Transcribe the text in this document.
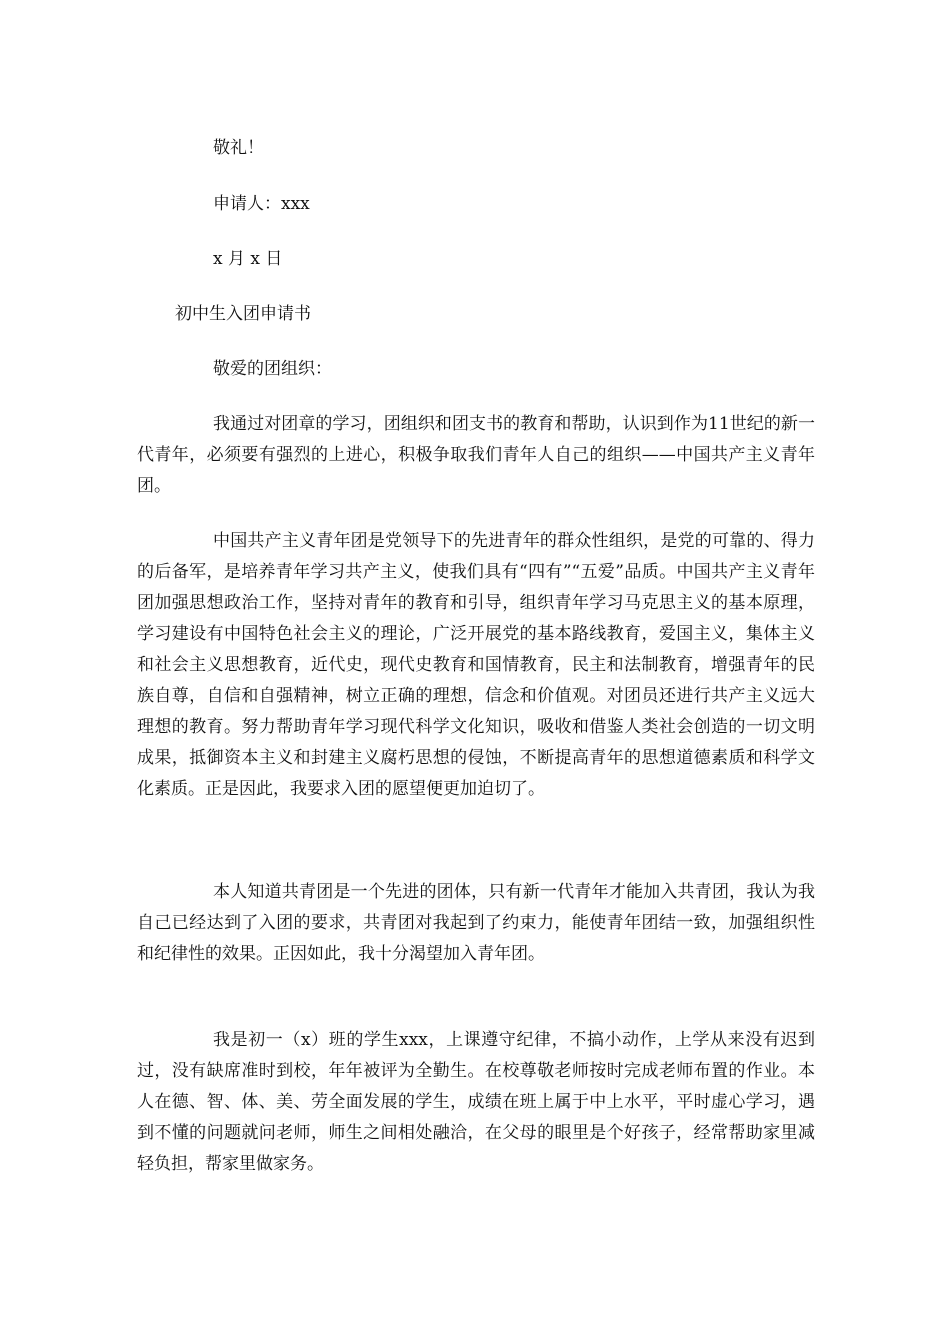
敬礼！
申请人：xxx
x 月 x 日
初中生入团申请书
敬爱的团组织：
我通过对团章的学习，团组织和团支书的教育和帮助，认识到作为11世纪的新一代青年，必须要有强烈的上进心，积极争取我们青年人自己的组织——中国共产主义青年团。
中国共产主义青年团是党领导下的先进青年的群众性组织，是党的可靠的、得力的后备军，是培养青年学习共产主义，使我们具有“四有”“五爱”品质。中国共产主义青年团加强思想政治工作，坚持对青年的教育和引导，组织青年学习马克思主义的基本原理，学习建设有中国特色社会主义的理论，广泛开展党的基本路线教育，爱国主义，集体主义和社会主义思想教育，近代史，现代史教育和国情教育，民主和法制教育，增强青年的民族自尊，自信和自强精神，树立正确的理想，信念和价值观。对团员还进行共产主义远大理想的教育。努力帮助青年学习现代科学文化知识，吸收和借鉴人类社会创造的一切文明成果，抵御资本主义和封建主义腐朽思想的侵蚀，不断提高青年的思想道德素质和科学文化素质。正是因此，我要求入团的愿望便更加迫切了。
本人知道共青团是一个先进的团体，只有新一代青年才能加入共青团，我认为我自己已经达到了入团的要求，共青团对我起到了约束力，能使青年团结一致，加强组织性和纪律性的效果。正因如此，我十分渴望加入青年团。
我是初一（x）班的学生xxx，上课遵守纪律，不搞小动作，上学从来没有迟到过，没有缺席准时到校，年年被评为全勤生。在校尊敬老师按时完成老师布置的作业。本人在德、智、体、美、劳全面发展的学生，成绩在班上属于中上水平，平时虚心学习，遇到不懂的问题就问老师，师生之间相处融洽，在父母的眼里是个好孩子，经常帮助家里减轻负担，帮家里做家务。
